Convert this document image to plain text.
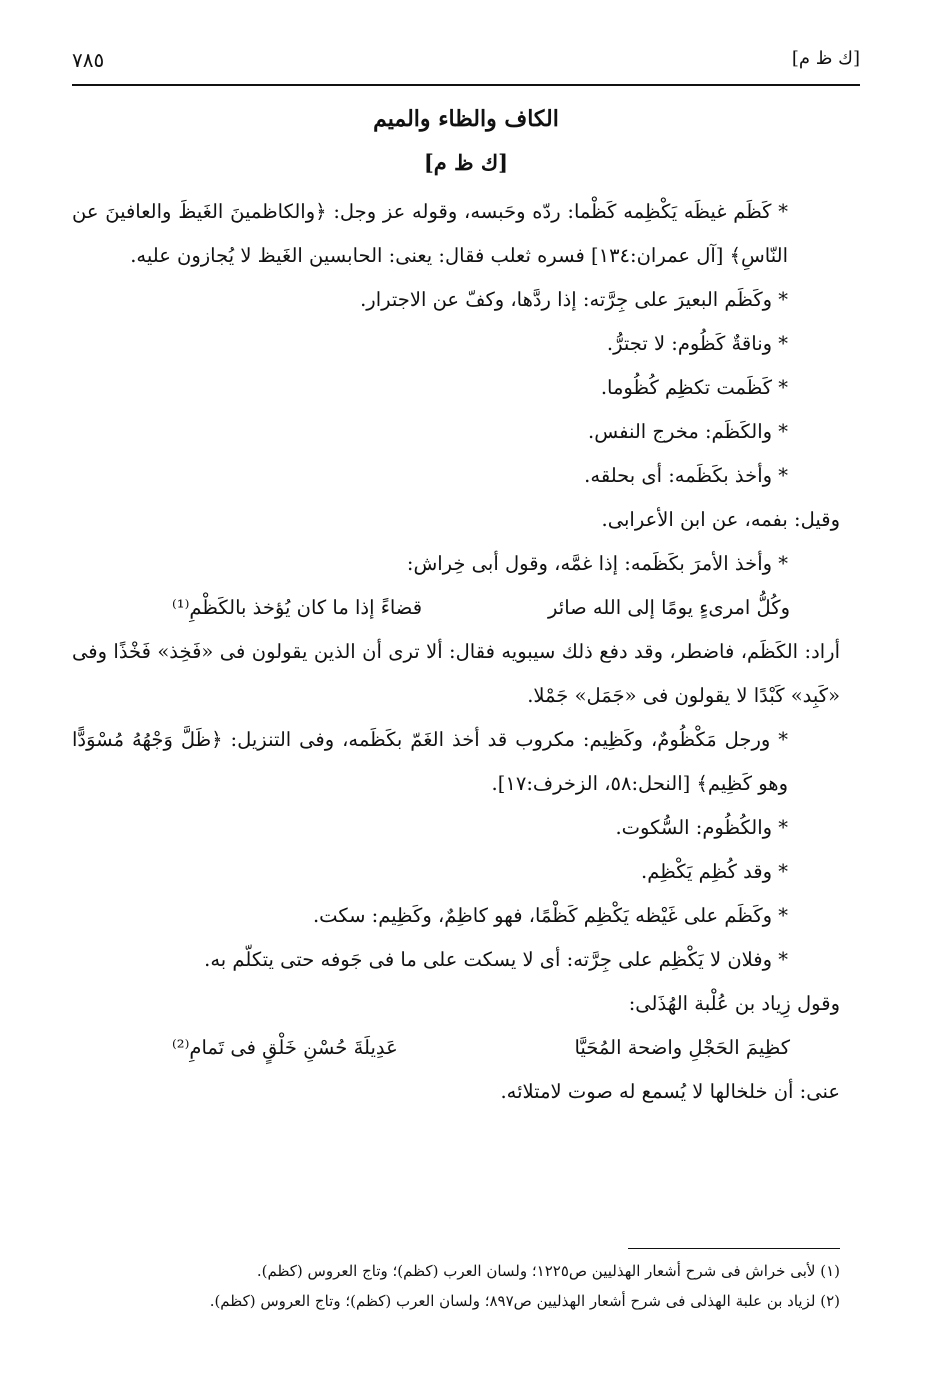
[ك ظ م]
٧٨٥
الكاف والظاء والميم
[ك ظ م]

* كَظَم غيظَه يَكْظِمه كَظْما: ردّه وحَبسه، وقوله عز وجل: ﴿والكاظمينَ الغَيظَ والعافينَ عن النّاسِ﴾ [آل عمران:١٣٤] فسره ثعلب فقال: يعنى: الحابسين الغَيظ لا يُجازون عليه.

* وكَظَم البعيرَ على جِرَّته: إذا ردَّها، وكفّ عن الاجترار.

* وناقةٌ كَظُوم: لا تجترُّ.

* كَظَمت تكظِم كُظُوما.

* والكَظَم: مخرج النفس.

* وأخذ بكَظَمه: أى بحلقه.

وقيل: بفمه، عن ابن الأعرابى.

* وأخذ الأمرَ بكَظَمه: إذا غمَّه، وقول أبى خِراش:

وكُلُّ امرىءٍ يومًا إلى الله صائر
قضاءً إذا ما كان يُؤخذ بالكَظْمِ⁽¹⁾

أراد: الكَظَم، فاضطر، وقد دفع ذلك سيبويه فقال: ألا ترى أن الذين يقولون فى «فَخِذ» فَخْذًا وفى «كَبِد» كَبْدًا لا يقولون فى «جَمَل» جَمْلا.

* ورجل مَكْظُومٌ، وكَظِيم: مكروب قد أخذ الغَمّ بكَظَمه، وفى التنزيل: ﴿ظَلَّ وَجْهُهُ مُسْوَدًّا وهو كَظِيم﴾ [النحل:٥٨، الزخرف:١٧].

* والكُظُوم: السُّكوت.

* وقد كُظِم يَكْظِم.

* وكَظَم على غَيْظه يَكْظِم كَظْمًا، فهو كاظِمٌ، وكَظِيم: سكت.

* وفلان لا يَكْظِم على جِرَّته: أى لا يسكت على ما فى جَوفه حتى يتكلّم به.

وقول زِياد بن عُلْبة الهُذَلى:

كظِيمَ الحَجْلِ واضحة المُحَيَّا
عَدِيلَةَ حُسْنِ خَلْقٍ فى تَمامِ⁽²⁾

عنى: أن خلخالها لا يُسمع له صوت لامتلائه.

(١) لأبى خراش فى شرح أشعار الهذليين ص١٢٢٥؛ ولسان العرب (كظم)؛ وتاج العروس (كظم).
(٢) لزياد بن علبة الهذلى فى شرح أشعار الهذليين ص٨٩٧؛ ولسان العرب (كظم)؛ وتاج العروس (كظم).
